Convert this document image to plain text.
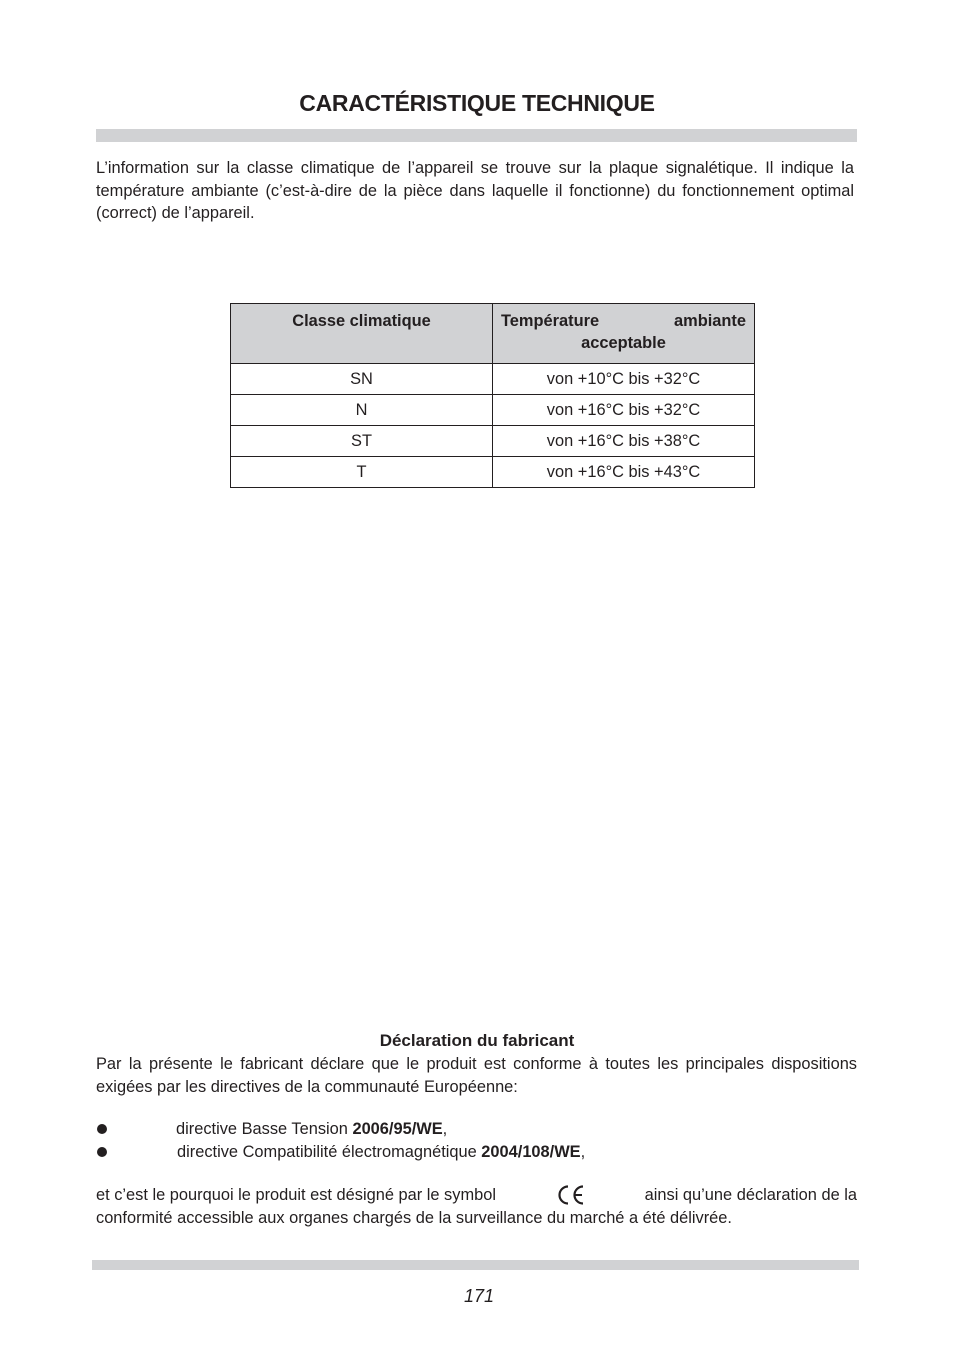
CARACTÉRISTIQUE TECHNIQUE
L’information sur la classe climatique de l’appareil se trouve sur la plaque signalétique. Il indique la température ambiante (c’est-à-dire de la pièce dans laquelle il fonctionne) du fonctionnement optimal (correct) de l’appareil.
Classe climatique	Température ambiante acceptable
SN	von +10°C bis +32°C
N	von +16°C bis +32°C
ST	von +16°C bis +38°C
T	von +16°C bis +43°C
Déclaration du fabricant
Par la présente le fabricant déclare que le produit est conforme à toutes les principales dispositions exigées par les directives de la communauté Européenne:
directive Basse Tension 2006/95/WE,
directive Compatibilité électromagnétique 2004/108/WE,
et c’est le pourquoi le produit est désigné par le symbol	ainsi qu’une déclaration de la
conformité accessible aux organes chargés de la surveillance du marché a été délivrée.
171
